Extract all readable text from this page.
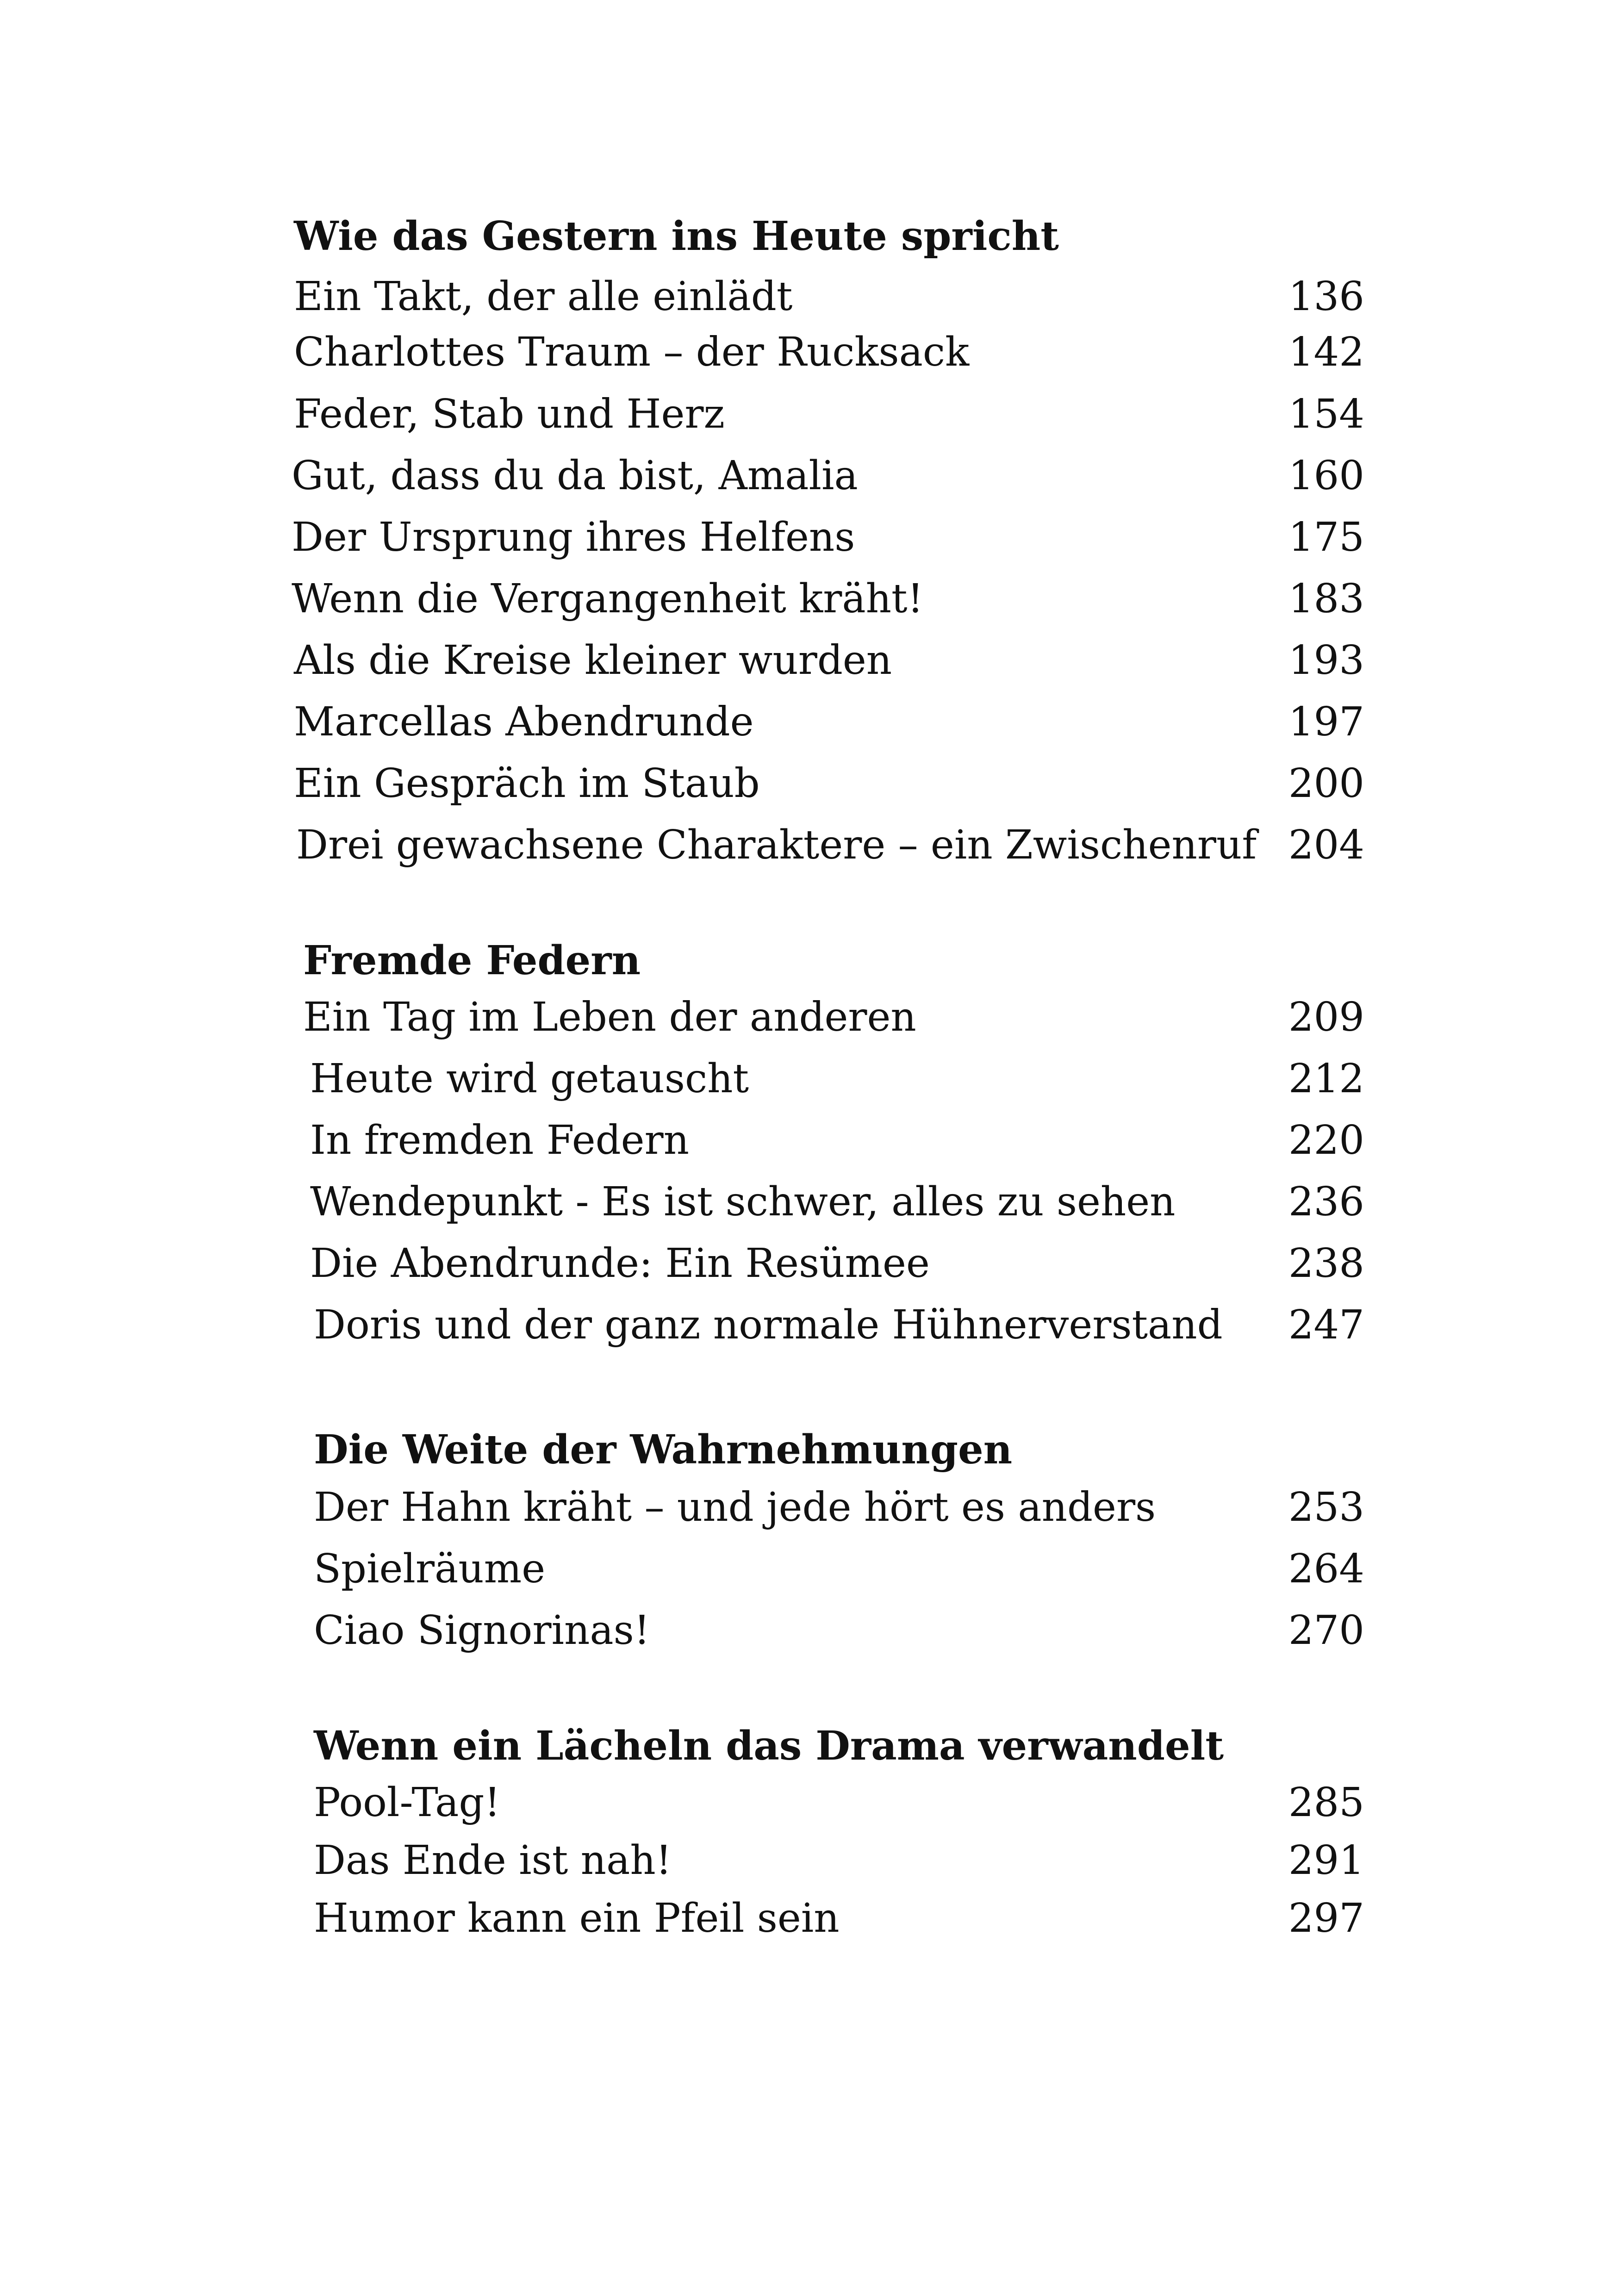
Wie das Gestern ins Heute spricht
Ein Takt, der alle einlädt	136
Charlottes Traum – der Rucksack	142
Feder, Stab und Herz	154
Gut, dass du da bist, Amalia	160
Der Ursprung ihres Helfens	175
Wenn die Vergangenheit kräht!	183
Als die Kreise kleiner wurden	193
Marcellas Abendrunde	197
Ein Gespräch im Staub	200
Drei gewachsene Charaktere – ein Zwischenruf 204
Fremde Federn
Ein Tag im Leben der anderen	209
Heute wird getauscht	212
In fremden Federn	220
Wendepunkt - Es ist schwer, alles zu sehen	236
Die Abendrunde: Ein Resümee	238
Doris und der ganz normale Hühnerverstand 247
Die Weite der Wahrnehmungen
Der Hahn kräht – und jede hört es anders	253
Spielräume	264
Ciao Signorinas!	270
Wenn ein Lächeln das Drama verwandelt
Pool-Tag!	285
Das Ende ist nah!	291
Humor kann ein Pfeil sein	297
